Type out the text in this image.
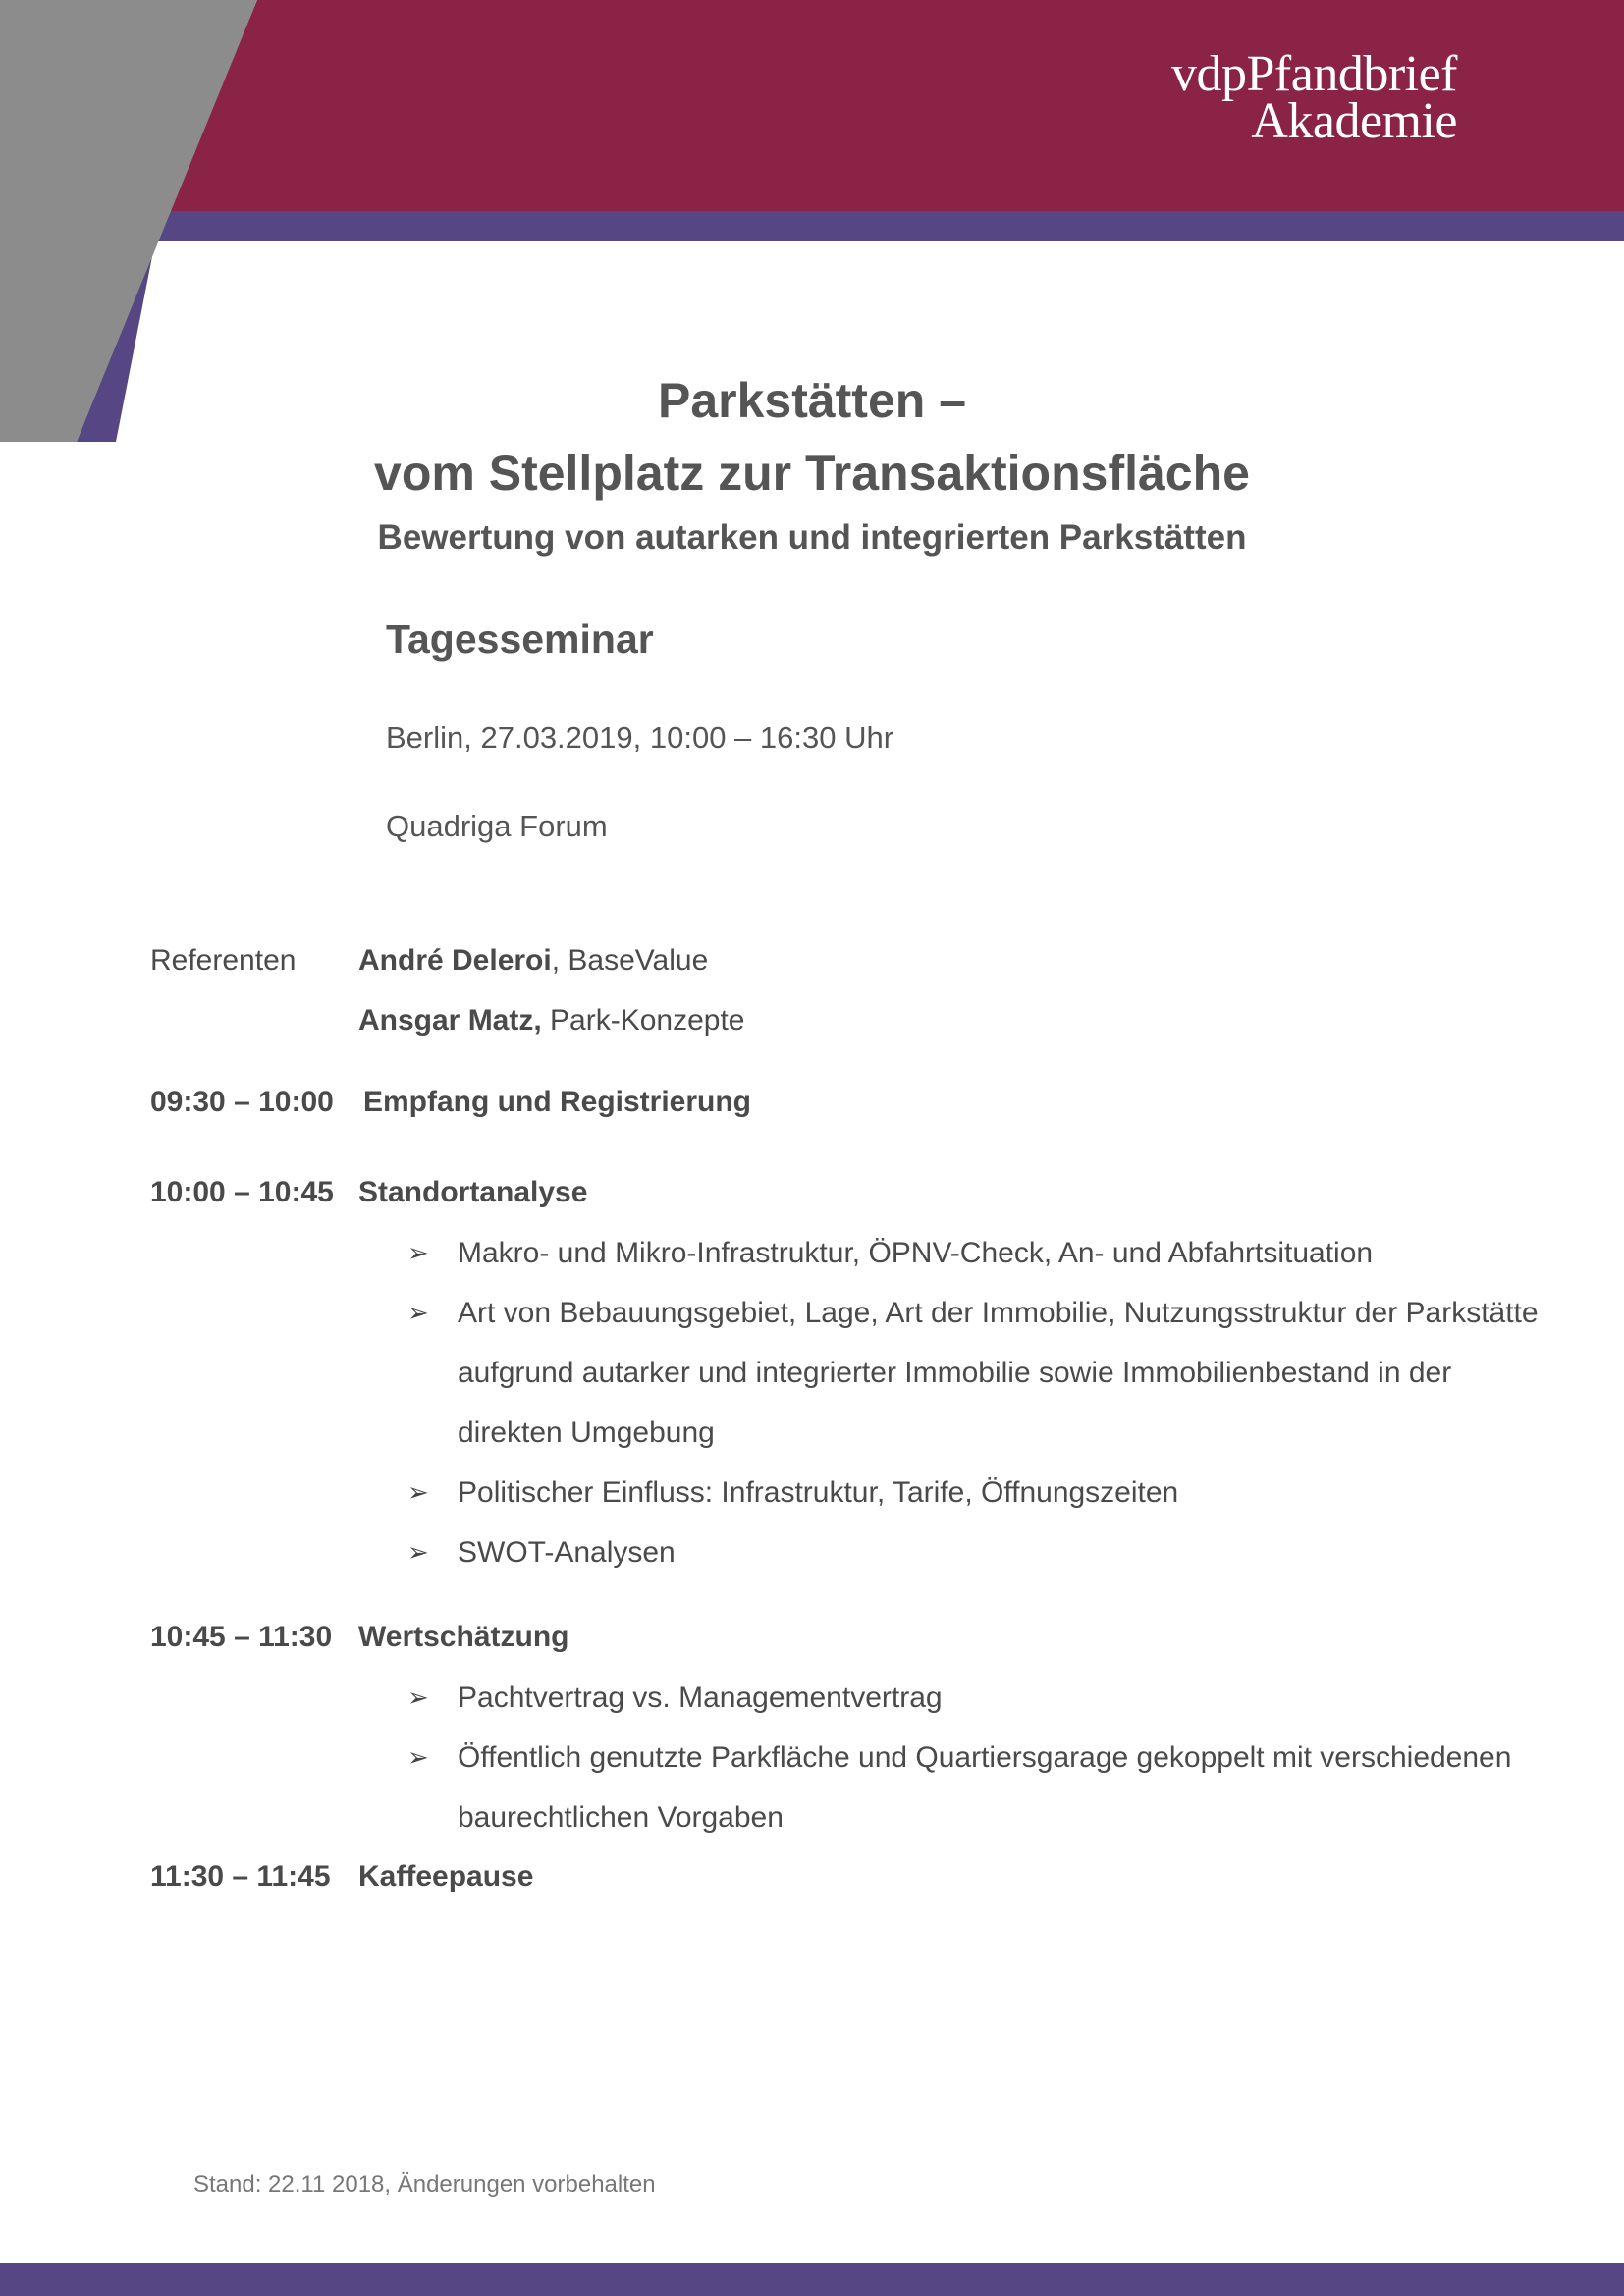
vdpPfandbrief
Akademie
Parkstätten –
vom Stellplatz zur Transaktionsfläche
Bewertung von autarken und integrierten Parkstätten
Tagesseminar
Berlin, 27.03.2019, 10:00 – 16:30 Uhr
Quadriga Forum
Referenten André Deleroi, BaseValue
Ansgar Matz, Park-Konzepte
09:30 – 10:00 Empfang und Registrierung
10:00 – 10:45 Standortanalyse
➢ Makro- und Mikro-Infrastruktur, ÖPNV-Check, An- und Abfahrtsituation
➢ Art von Bebauungsgebiet, Lage, Art der Immobilie, Nutzungsstruktur der Parkstätte
aufgrund autarker und integrierter Immobilie sowie Immobilienbestand in der
direkten Umgebung
➢ Politischer Einfluss: Infrastruktur, Tarife, Öffnungszeiten
➢ SWOT-Analysen
10:45 – 11:30 Wertschätzung
➢ Pachtvertrag vs. Managementvertrag
➢ Öffentlich genutzte Parkfläche und Quartiersgarage gekoppelt mit verschiedenen
baurechtlichen Vorgaben
11:30 – 11:45 Kaffeepause
Stand: 22.11 2018, Änderungen vorbehalten
